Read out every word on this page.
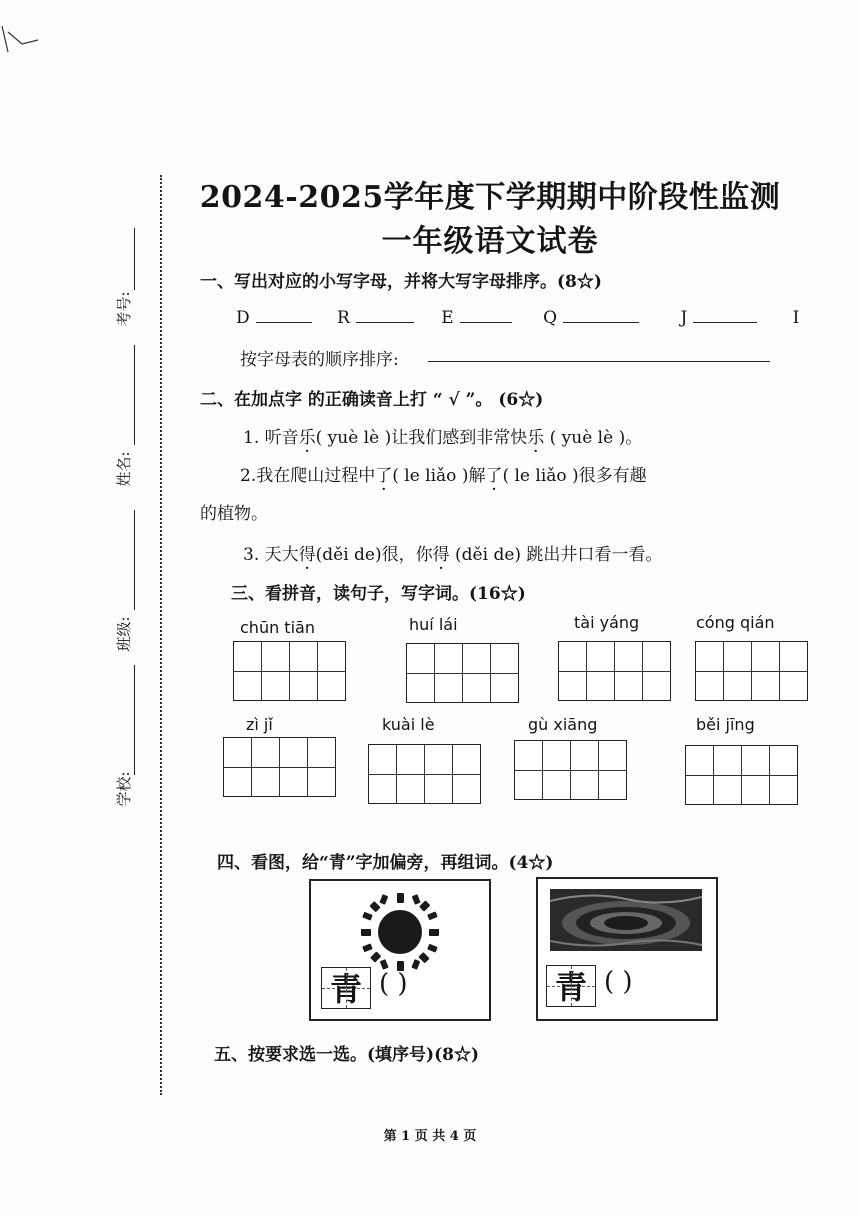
考号:
姓名:
班级:
学校:
2024-2025学年度下学期期中阶段性监测
一年级语文试卷
一、写出对应的小写字母，并将大写字母排序。(8☆)
D	R	E	Q	J	I
按字母表的顺序排序:
二、在加点字 的正确读音上打 “ √ ”。 (6☆)
1. 听音乐( yuè lè )让我们感到非常快乐 ( yuè lè )。
2.我在爬山过程中了( le liǎo )解了( le liǎo )很多有趣
的植物。
3. 天大得(děi de)很，你得 (děi de) 跳出井口看一看。
三、看拼音，读句子，写字词。(16☆)
chūn tiān	huí lái	tài yáng	cóng qián
zì jǐ	kuài lè	gù xiāng	běi jīng
四、看图，给“青”字加偏旁，再组词。(4☆)
青 ( )	青 ( )
五、按要求选一选。(填序号)(8☆)
第 1 页 共 4 页
